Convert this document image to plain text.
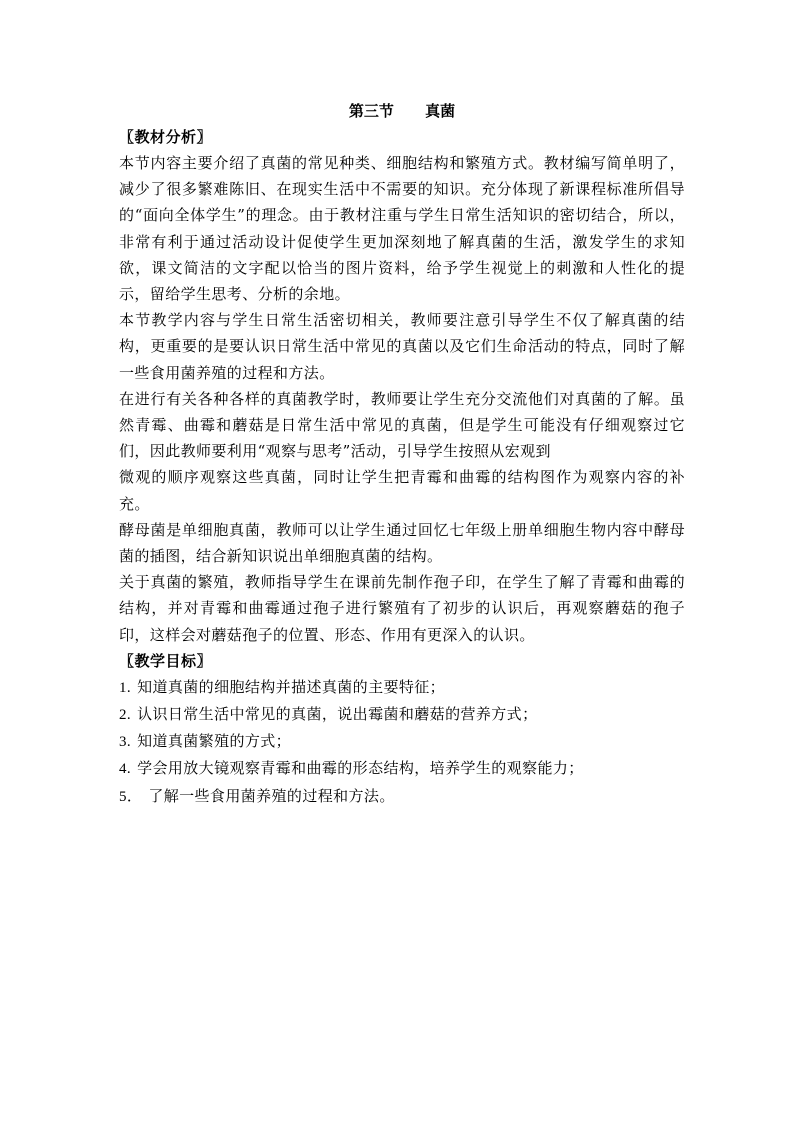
第三节      真菌
〖教材分析〗

本节内容主要介绍了真菌的常见种类、细胞结构和繁殖方式。教材编写简单明了，减少了很多繁难陈旧、在现实生活中不需要的知识。充分体现了新课程标准所倡导的“面向全体学生”的理念。由于教材注重与学生日常生活知识的密切结合，所以，非常有利于通过活动设计促使学生更加深刻地了解真菌的生活，激发学生的求知欲，课文简洁的文字配以恰当的图片资料，给予学生视觉上的刺激和人性化的提示，留给学生思考、分析的余地。

本节教学内容与学生日常生活密切相关，教师要注意引导学生不仅了解真菌的结构，更重要的是要认识日常生活中常见的真菌以及它们生命活动的特点，同时了解一些食用菌养殖的过程和方法。

在进行有关各种各样的真菌教学时，教师要让学生充分交流他们对真菌的了解。虽然青霉、曲霉和蘑菇是日常生活中常见的真菌，但是学生可能没有仔细观察过它们，因此教师要利用“观察与思考”活动，引导学生按照从宏观到

微观的顺序观察这些真菌，同时让学生把青霉和曲霉的结构图作为观察内容的补充。

酵母菌是单细胞真菌，教师可以让学生通过回忆七年级上册单细胞生物内容中酵母菌的插图，结合新知识说出单细胞真菌的结构。

关于真菌的繁殖，教师指导学生在课前先制作孢子印，在学生了解了青霉和曲霉的结构，并对青霉和曲霉通过孢子进行繁殖有了初步的认识后，再观察蘑菇的孢子印，这样会对蘑菇孢子的位置、形态、作用有更深入的认识。

〖教学目标〗
1. 知道真菌的细胞结构并描述真菌的主要特征；
2. 认识日常生活中常见的真菌，说出霉菌和蘑菇的营养方式；
3. 知道真菌繁殖的方式；
4. 学会用放大镜观察青霉和曲霉的形态结构，培养学生的观察能力；
5． 了解一些食用菌养殖的过程和方法。
